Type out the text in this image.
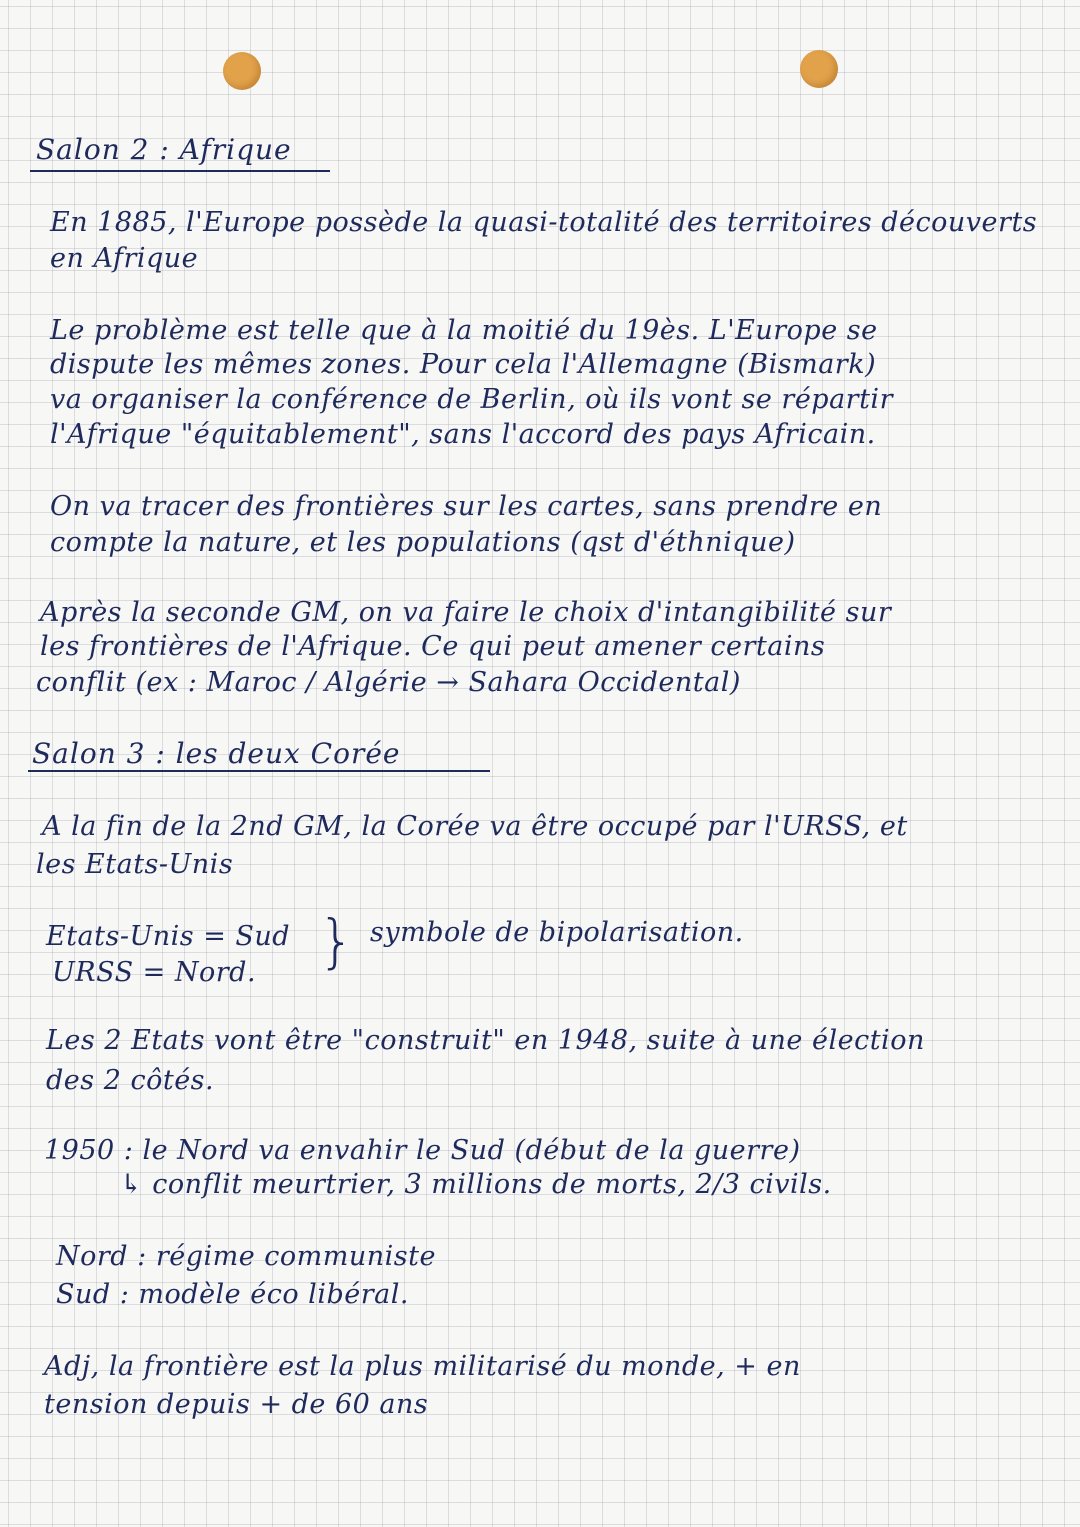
Salon 2 : Afrique
En 1885, l'Europe possède la quasi-totalité des territoires découverts
en Afrique
Le problème est telle que à la moitié du 19ès. L'Europe se
dispute les mêmes zones. Pour cela l'Allemagne (Bismark)
va organiser la conférence de Berlin, où ils vont se répartir
l'Afrique "équitablement", sans l'accord des pays Africain.
On va tracer des frontières sur les cartes, sans prendre en
compte la nature, et les populations (qst d'éthnique)
Après la seconde GM, on va faire le choix d'intangibilité sur
les frontières de l'Afrique. Ce qui peut amener certains
conflit (ex : Maroc / Algérie → Sahara Occidental)
Salon 3 : les deux Corée
A la fin de la 2nd GM, la Corée va être occupé par l'URSS, et
les Etats-Unis
Etats-Unis = Sud
URSS = Nord. } symbole de bipolarisation.
Les 2 Etats vont être "construit" en 1948, suite à une élection
des 2 côtés.
1950 : le Nord va envahir le Sud (début de la guerre)
↳ conflit meurtrier, 3 millions de morts, 2/3 civils.
Nord : régime communiste
Sud : modèle éco libéral.
Adj, la frontière est la plus militarisé du monde, + en
tension depuis + de 60 ans
